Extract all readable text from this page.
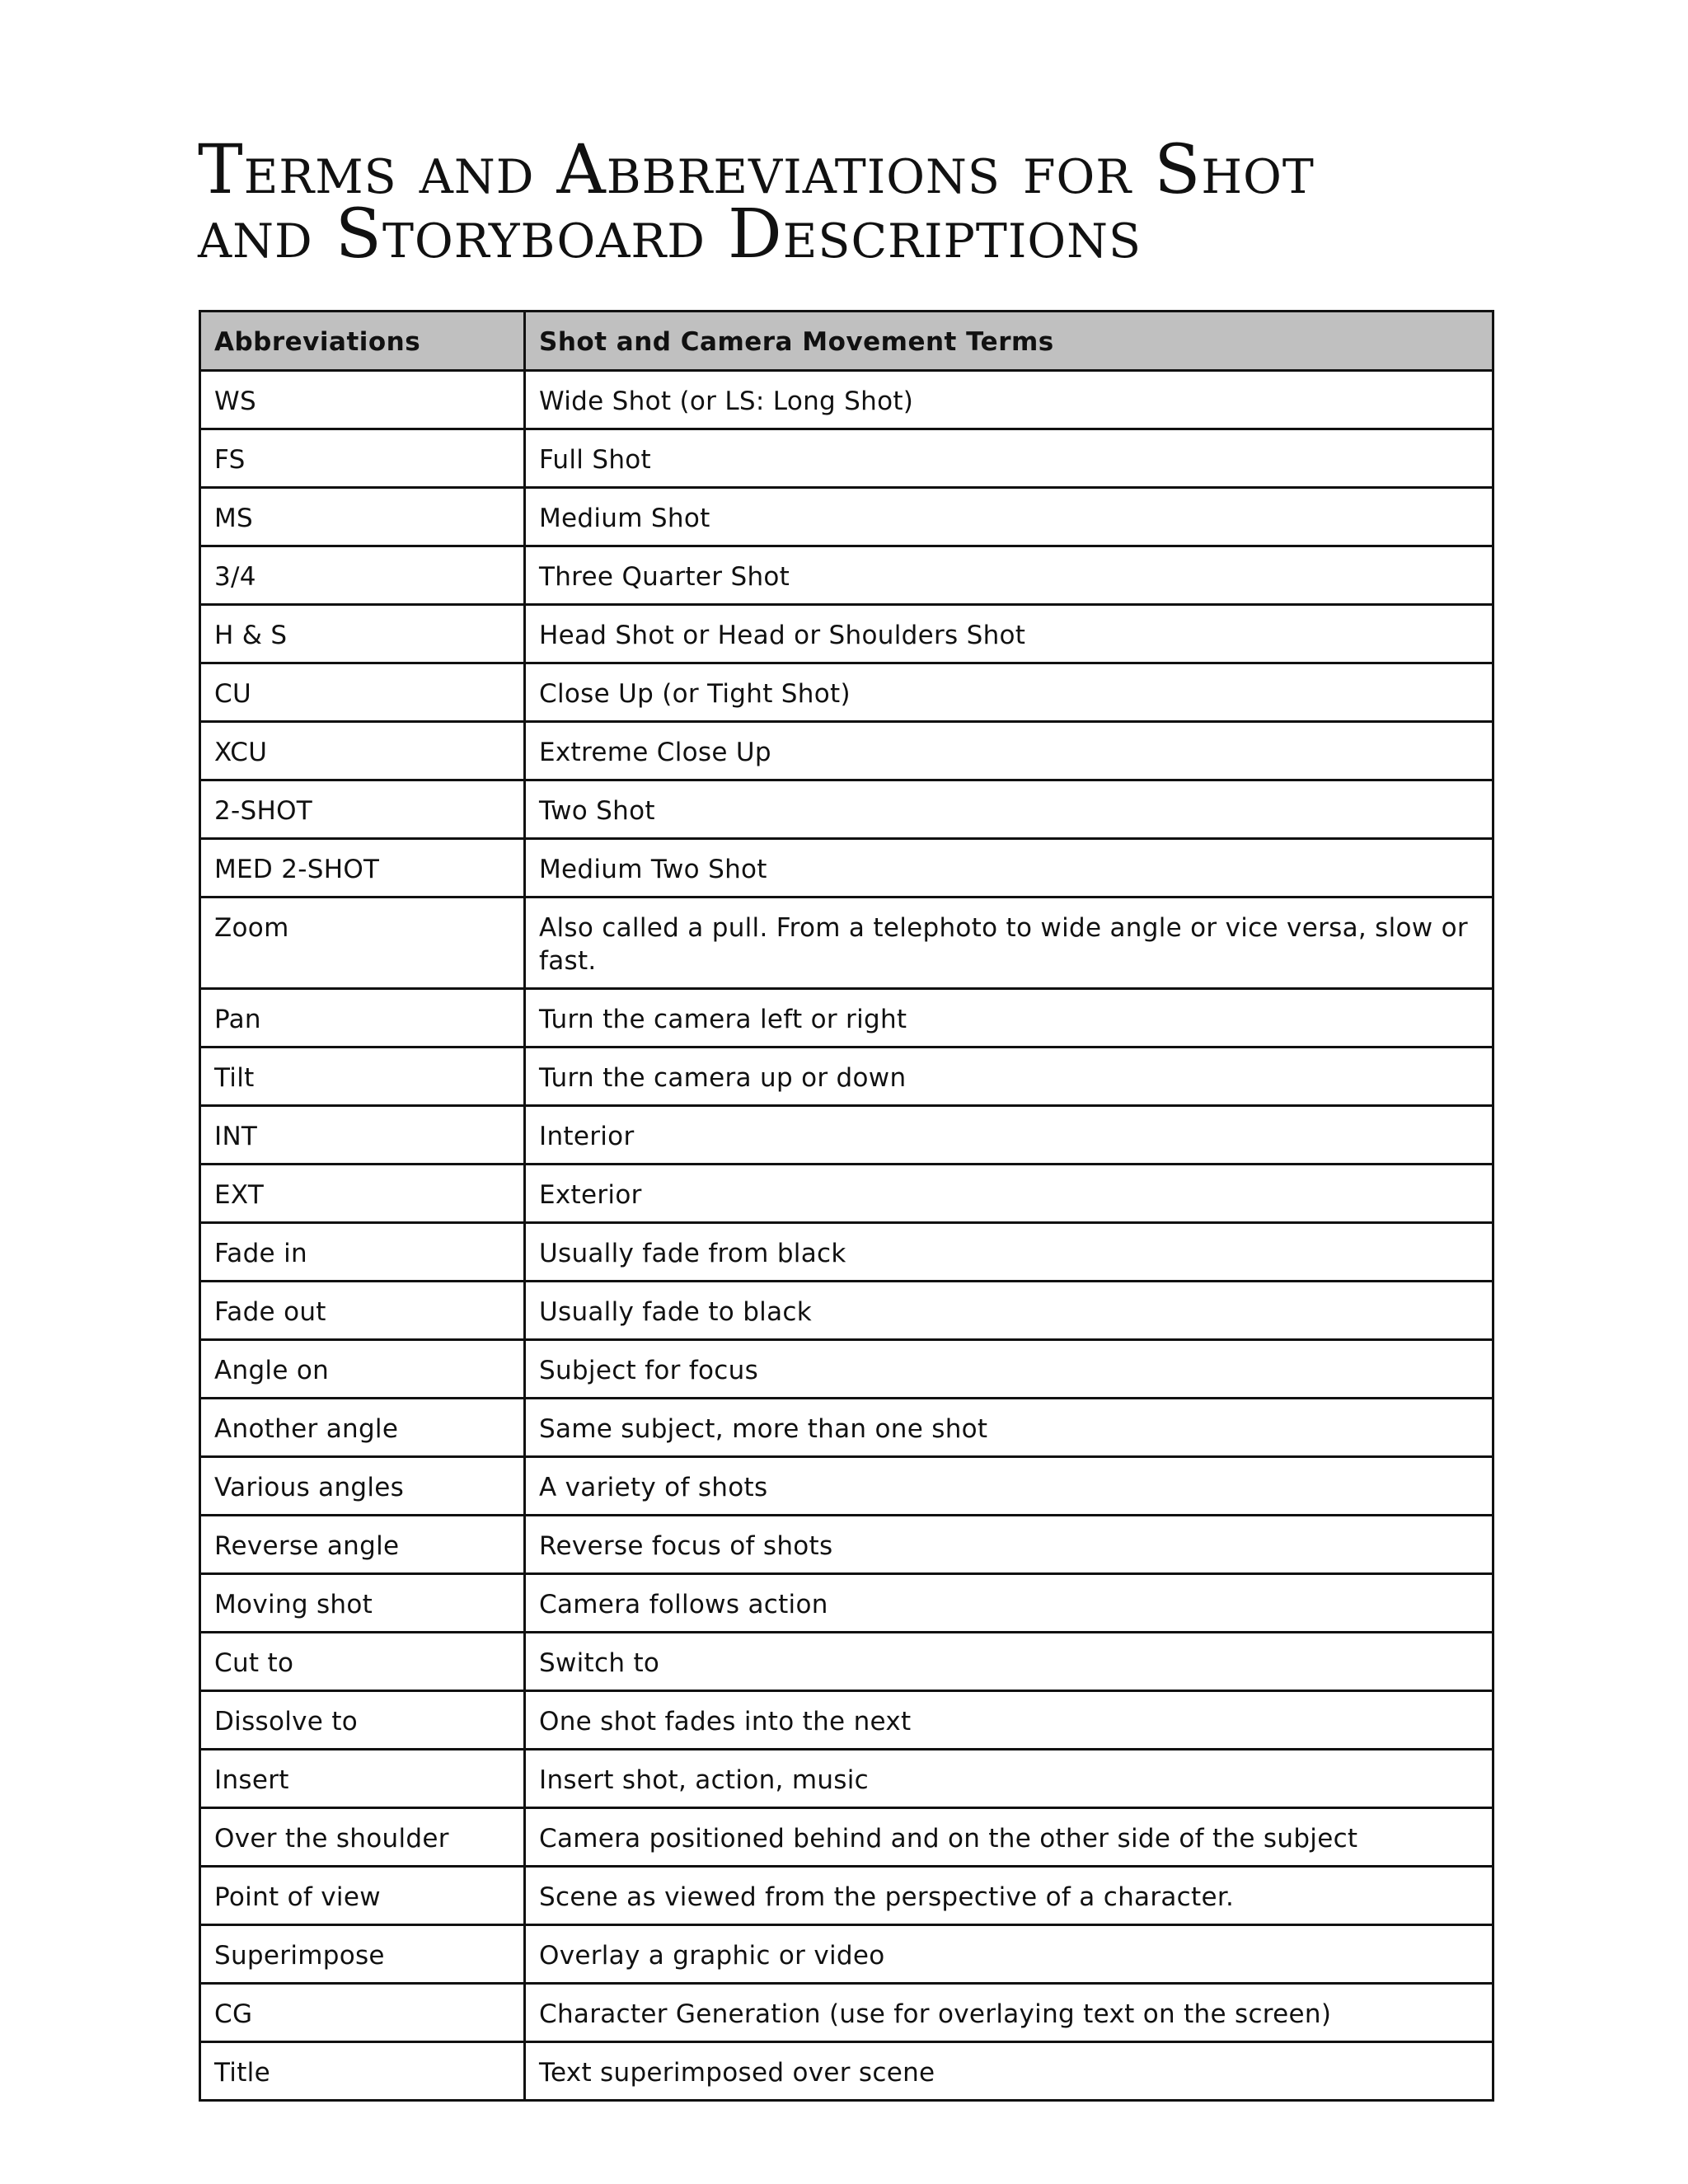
Terms and Abbreviations for Shot
and Storyboard Descriptions
Abbreviations	Shot and Camera Movement Terms
WS	Wide Shot (or LS: Long Shot)
FS	Full Shot
MS	Medium Shot
3/4	Three Quarter Shot
H & S	Head Shot or Head or Shoulders Shot
CU	Close Up (or Tight Shot)
XCU	Extreme Close Up
2-SHOT	Two Shot
MED 2-SHOT	Medium Two Shot
Zoom	Also called a pull. From a telephoto to wide angle or vice versa, slow or fast.
Pan	Turn the camera left or right
Tilt	Turn the camera up or down
INT	Interior
EXT	Exterior
Fade in	Usually fade from black
Fade out	Usually fade to black
Angle on	Subject for focus
Another angle	Same subject, more than one shot
Various angles	A variety of shots
Reverse angle	Reverse focus of shots
Moving shot	Camera follows action
Cut to	Switch to
Dissolve to	One shot fades into the next
Insert	Insert shot, action, music
Over the shoulder	Camera positioned behind and on the other side of the subject
Point of view	Scene as viewed from the perspective of a character.
Superimpose	Overlay a graphic or video
CG	Character Generation (use for overlaying text on the screen)
Title	Text superimposed over scene
